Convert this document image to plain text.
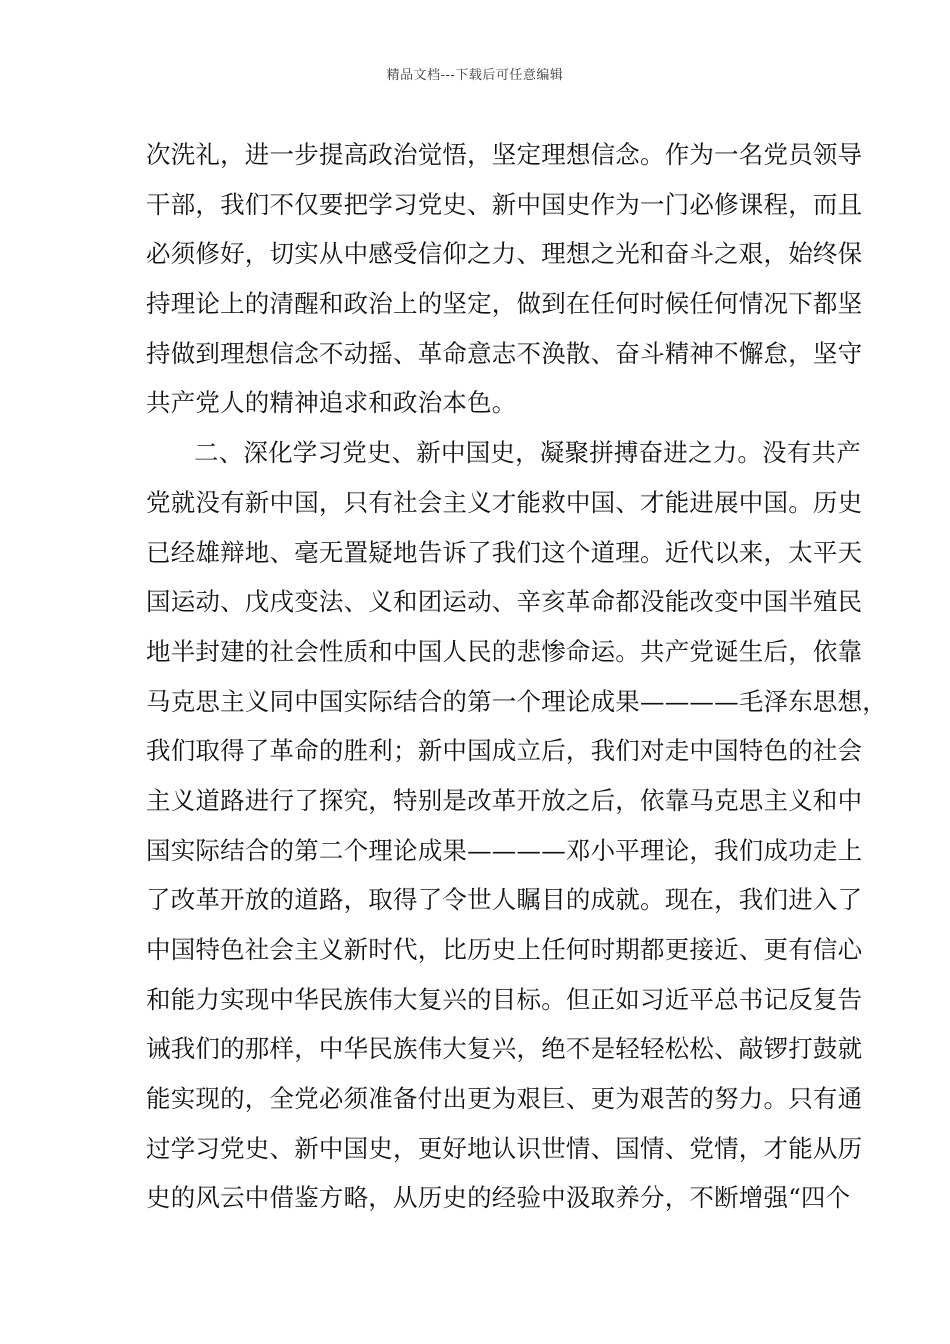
精品文档---下载后可任意编辑
次洗礼，进一步提高政治觉悟，坚定理想信念。作为一名党员领导
干部，我们不仅要把学习党史、新中国史作为一门必修课程，而且
必须修好，切实从中感受信仰之力、理想之光和奋斗之艰，始终保
持理论上的清醒和政治上的坚定，做到在任何时候任何情况下都坚
持做到理想信念不动摇、革命意志不涣散、奋斗精神不懈怠，坚守
共产党人的精神追求和政治本色。
二、深化学习党史、新中国史，凝聚拼搏奋进之力。没有共产
党就没有新中国，只有社会主义才能救中国、才能进展中国。历史
已经雄辩地、毫无置疑地告诉了我们这个道理。近代以来，太平天
国运动、戊戌变法、义和团运动、辛亥革命都没能改变中国半殖民
地半封建的社会性质和中国人民的悲惨命运。共产党诞生后，依靠
马克思主义同中国实际结合的第一个理论成果————毛泽东思想，
我们取得了革命的胜利；新中国成立后，我们对走中国特色的社会
主义道路进行了探究，特别是改革开放之后，依靠马克思主义和中
国实际结合的第二个理论成果————邓小平理论，我们成功走上
了改革开放的道路，取得了令世人瞩目的成就。现在，我们进入了
中国特色社会主义新时代，比历史上任何时期都更接近、更有信心
和能力实现中华民族伟大复兴的目标。但正如习近平总书记反复告
诫我们的那样，中华民族伟大复兴，绝不是轻轻松松、敲锣打鼓就
能实现的，全党必须准备付出更为艰巨、更为艰苦的努力。只有通
过学习党史、新中国史，更好地认识世情、国情、党情，才能从历
史的风云中借鉴方略，从历史的经验中汲取养分，不断增强“四个
